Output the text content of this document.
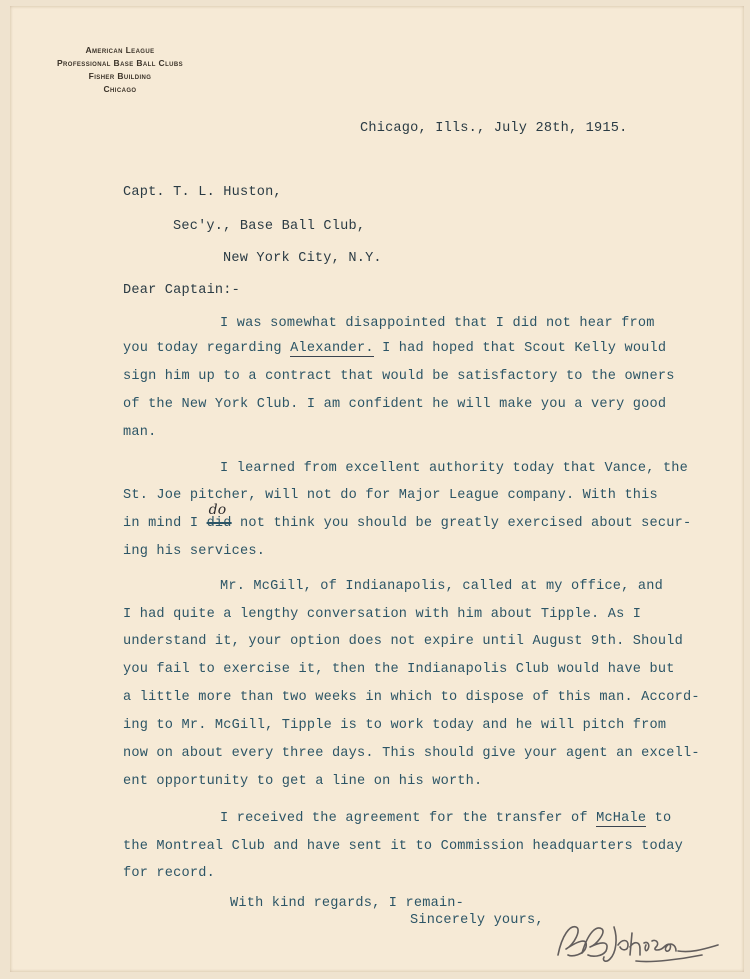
American League
Professional Base Ball Clubs
Fisher Building
Chicago
Chicago, Ills., July 28th, 1915.
Capt. T. L. Huston,
Sec'y., Base Ball Club,
New York City, N.Y.
Dear Captain:-
I was somewhat disappointed that I did not hear from
you today regarding Alexander. I had hoped that Scout Kelly would
sign him up to a contract that would be satisfactory to the owners
of the New York Club. I am confident he will make you a very good
man.
I learned from excellent authority today that Vance, the
St. Joe pitcher, will not do for Major League company. With this
in mind I did
do
not think you should be greatly exercised about secur-
ing his services.
Mr. McGill, of Indianapolis, called at my office, and
I had quite a lengthy conversation with him about Tipple. As I
understand it, your option does not expire until August 9th. Should
you fail to exercise it, then the Indianapolis Club would have but
a little more than two weeks in which to dispose of this man. Accord-
ing to Mr. McGill, Tipple is to work today and he will pitch from
now on about every three days. This should give your agent an excell-
ent opportunity to get a line on his worth.
I received the agreement for the transfer of McHale to
the Montreal Club and have sent it to Commission headquarters today
for record.
With kind regards, I remain-
Sincerely yours,
